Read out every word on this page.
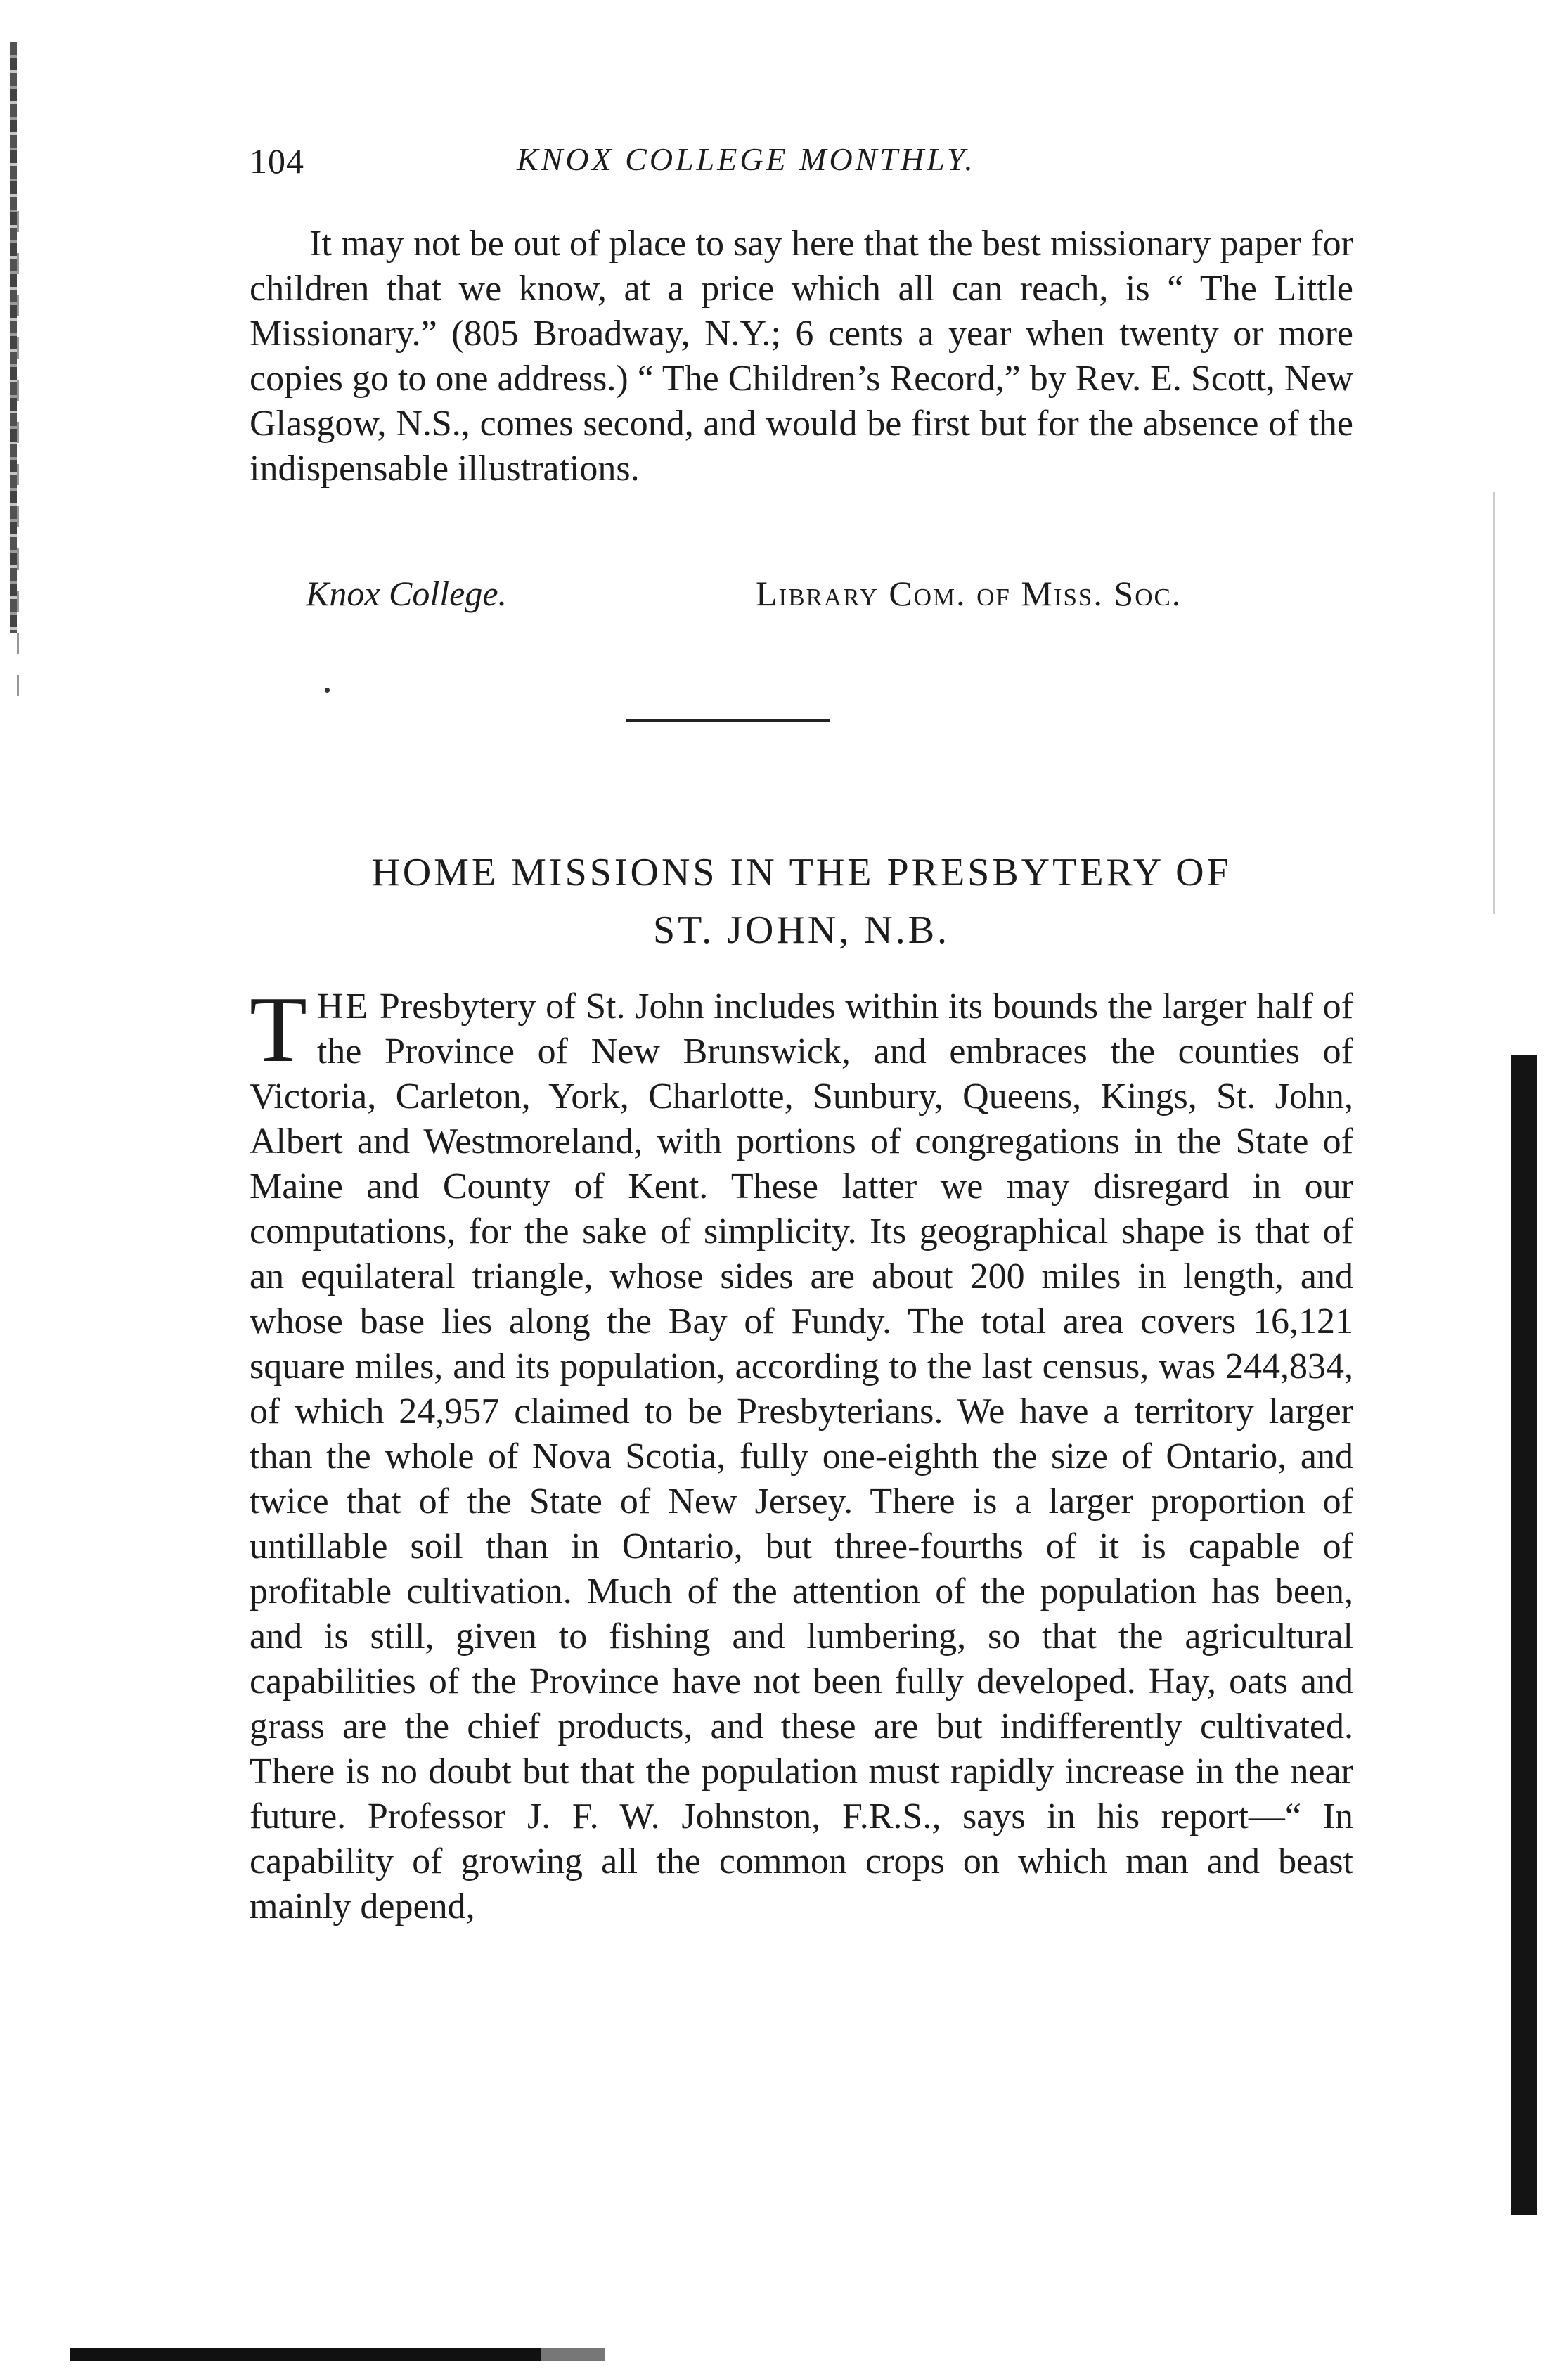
104	KNOX COLLEGE MONTHLY.

It may not be out of place to say here that the best missionary paper for children that we know, at a price which all can reach, is “ The Little Missionary.” (805 Broadway, N.Y.; 6 cents a year when twenty or more copies go to one address.) “ The Children’s Record,” by Rev. E. Scott, New Glasgow, N.S., comes second, and would be first but for the absence of the indispensable illustrations.

Knox College.	Library Com. of Miss. Soc.
HOME MISSIONS IN THE PRESBYTERY OF
ST. JOHN, N.B.

THE Presbytery of St. John includes within its bounds the larger half of the Province of New Brunswick, and embraces the counties of Victoria, Carleton, York, Charlotte, Sunbury, Queens, Kings, St. John, Albert and Westmoreland, with portions of congregations in the State of Maine and County of Kent. These latter we may disregard in our computations, for the sake of simplicity. Its geographical shape is that of an equilateral triangle, whose sides are about 200 miles in length, and whose base lies along the Bay of Fundy. The total area covers 16,121 square miles, and its population, according to the last census, was 244,834, of which 24,957 claimed to be Presbyterians. We have a territory larger than the whole of Nova Scotia, fully one-eighth the size of Ontario, and twice that of the State of New Jersey. There is a larger proportion of untillable soil than in Ontario, but three-fourths of it is capable of profitable cultivation. Much of the attention of the population has been, and is still, given to fishing and lumbering, so that the agricultural capabilities of the Province have not been fully developed. Hay, oats and grass are the chief products, and these are but indifferently cultivated. There is no doubt but that the population must rapidly increase in the near future. Professor J. F. W. Johnston, F.R.S., says in his report—“ In capability of growing all the common crops on which man and beast mainly depend,
